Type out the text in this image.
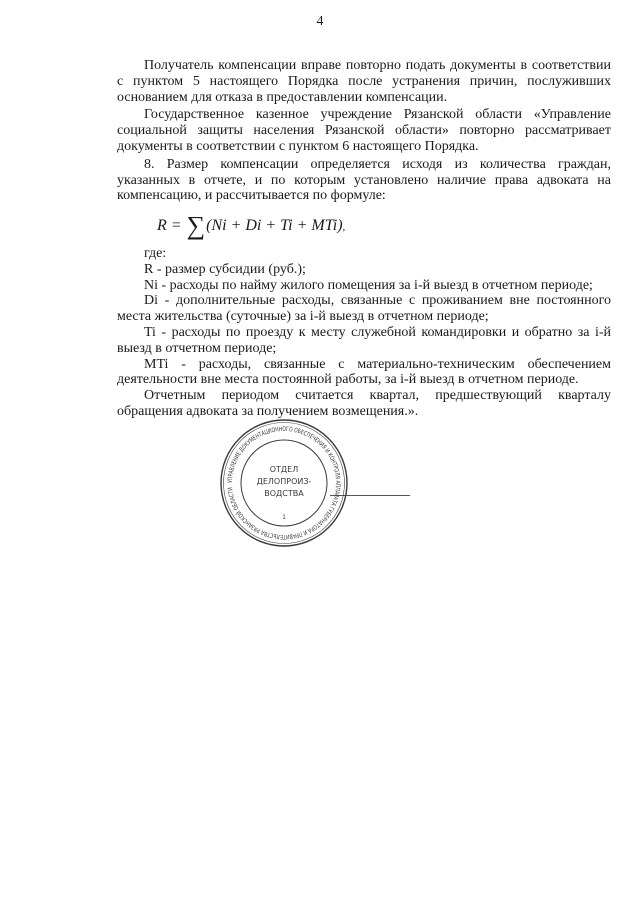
4

Получатель компенсации вправе повторно подать документы в соответствии с пунктом 5 настоящего Порядка после устранения причин, послуживших основанием для отказа в предоставлении компенсации.

Государственное казенное учреждение Рязанской области «Управление социальной защиты населения Рязанской области» повторно рассматривает документы в соответствии с пунктом 6 настоящего Порядка.

8. Размер компенсации определяется исходя из количества граждан, указанных в отчете, и по которым установлено наличие права адвоката на компенсацию, и рассчитывается по формуле:

R = ∑(Ni + Di + Ti + MTi),

где:

R - размер субсидии (руб.);

Ni - расходы по найму жилого помещения за i-й выезд в отчетном периоде;

Di - дополнительные расходы, связанные с проживанием вне постоянного места жительства (суточные) за i-й выезд в отчетном периоде;

Ti - расходы по проезду к месту служебной командировки и обратно за i-й выезд в отчетном периоде;

MTi - расходы, связанные с материально-техническим обеспечением деятельности вне места постоянной работы, за i-й выезд в отчетном периоде.

Отчетным периодом считается квартал, предшествующий кварталу обращения адвоката за получением возмещения.».

УПРАВЛЕНИЕ ДОКУМЕНТАЦИОННОГО ОБЕСПЕЧЕНИЯ И КОНТРОЛЯ АППАРАТА ГУБЕРНАТОРА И ПРАВИТЕЛЬСТВА РЯЗАНСКОЙ ОБЛАСТИ
ОТДЕЛ
ДЕЛОПРОИЗ-
ВОДСТВА
1
